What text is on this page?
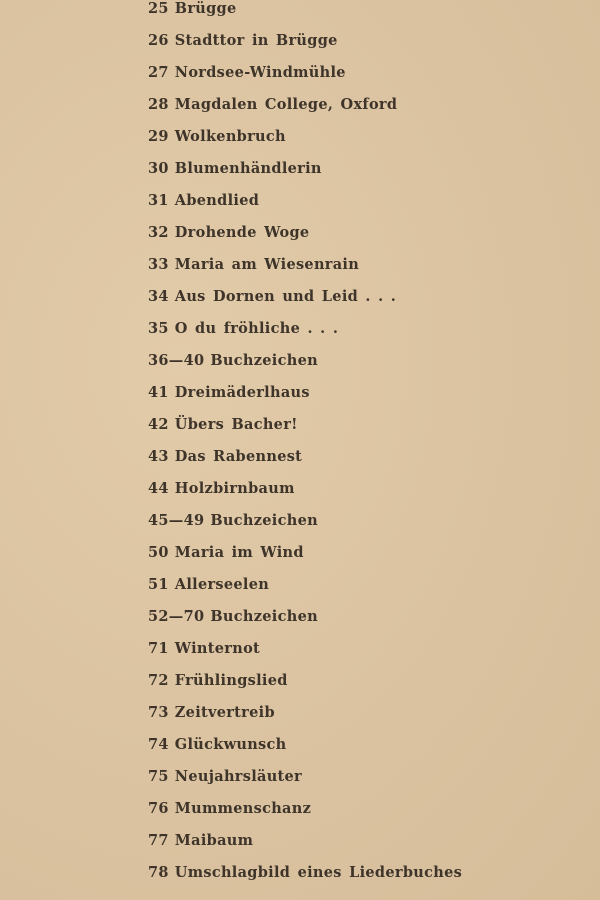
25 Brügge
26 Stadttor in Brügge
27 Nordsee-Windmühle
28 Magdalen College, Oxford
29 Wolkenbruch
30 Blumenhändlerin
31 Abendlied
32 Drohende Woge
33 Maria am Wiesenrain
34 Aus Dornen und Leid . . .
35 O du fröhliche . . .
36—40 Buchzeichen
41 Dreimäderlhaus
42 Übers Bacher!
43 Das Rabennest
44 Holzbirnbaum
45—49 Buchzeichen
50 Maria im Wind
51 Allerseelen
52—70 Buchzeichen
71 Winternot
72 Frühlingslied
73 Zeitvertreib
74 Glückwunsch
75 Neujahrsläuter
76 Mummenschanz
77 Maibaum
78 Umschlagbild eines Liederbuches
